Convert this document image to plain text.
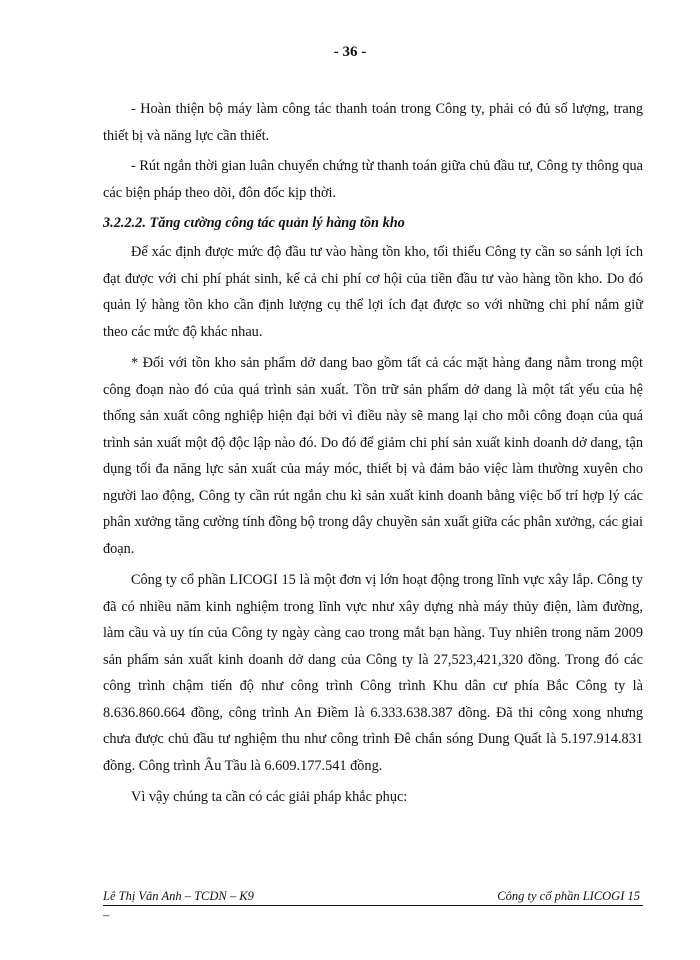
- 36 -

- Hoàn thiện bộ máy làm công tác thanh toán trong Công ty, phải có đủ số lượng, trang thiết bị và năng lực cần thiết.

- Rút ngắn thời gian luân chuyển chứng từ thanh toán giữa chủ đầu tư, Công ty thông qua các biện pháp theo dõi, đôn đốc kịp thời.

3.2.2.2. Tăng cường công tác quản lý hàng tồn kho

Để xác định được mức độ đầu tư vào hàng tồn kho, tối thiểu Công ty cần so sánh lợi ích đạt được với chi phí phát sinh, kể cả chi phí cơ hội của tiền đầu tư vào hàng tồn kho. Do đó quản lý hàng tồn kho cần định lượng cụ thể lợi ích đạt được so với những chi phí nắm giữ theo các mức độ khác nhau.

* Đối với tồn kho sản phẩm dở dang bao gồm tất cả các mặt hàng đang nằm trong một công đoạn nào đó của quá trình sản xuất. Tồn trữ sản phẩm dở dang là một tất yếu của hệ thống sản xuất công nghiệp hiện đại bởi vì điều này sẽ mang lại cho mỗi công đoạn của quá trình sản xuất một độ độc lập nào đó. Do đó để giảm chi phí sản xuất kinh doanh dở dang, tận dụng tối đa năng lực sản xuất của máy móc, thiết bị và đảm bảo việc làm thường xuyên cho người lao động, Công ty cần rút ngắn chu kì sản xuất kinh doanh bằng việc bố trí hợp lý các phân xưởng tăng cường tính đồng bộ trong dây chuyền sản xuất giữa các phân xưởng, các giai đoạn.

Công ty cổ phần LICOGI 15 là một đơn vị lớn hoạt động trong lĩnh vực xây lắp. Công ty đã có nhiều năm kinh nghiệm trong lĩnh vực như xây dựng nhà máy thủy điện, làm đường, làm cầu và uy tín của Công ty ngày càng cao trong mắt bạn hàng. Tuy nhiên trong năm 2009 sản phẩm sản xuất kinh doanh dở dang của Công ty là 27,523,421,320 đồng. Trong đó các công trình chậm tiến độ như công trình Công trình Khu dân cư phía Bắc Công ty là 8.636.860.664 đồng, công trình An Điềm là 6.333.638.387 đồng. Đã thi công xong nhưng chưa được chủ đầu tư nghiệm thu như công trình Đê chắn sóng Dung Quất là 5.197.914.831 đồng. Công trình Âu Tầu là 6.609.177.541 đồng.

Vì vậy chúng ta cần có các giải pháp khắc phục:

Lê Thị Vân Anh – TCDN – K9	Công ty cổ phần LICOGI 15
–
